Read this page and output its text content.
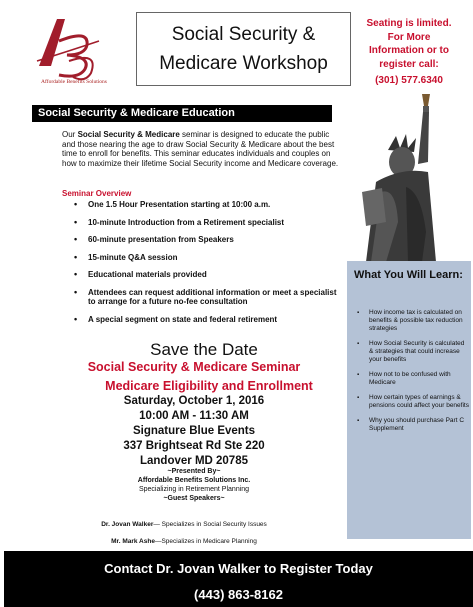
Affordable Benefits Solutions
Social Security &
Medicare Workshop
Seating is limited.
For More
Information or to
register call:
(301) 577.6340
Social Security & Medicare Education
Our Social Security & Medicare seminar is designed to educate the public and those nearing the age to draw Social Security & Medicare about the best time to enroll for benefits. This seminar educates individuals and couples on how to maximize their lifetime Social Security income and Medicare coverage.
Seminar Overview
• One 1.5 Hour Presentation starting at 10:00 a.m.
• 10-minute Introduction from a Retirement specialist
• 60-minute presentation from Speakers
• 15-minute Q&A session
• Educational materials provided
• Attendees can request additional information or meet a specialist to arrange for a future no-fee consultation
• A special segment on state and federal retirement
What You Will Learn:
▪ How income tax is calculated on benefits & possible tax reduction strategies
▪ How Social Security is calculated & strategies that could increase your benefits
▪ How not to be confused with Medicare
▪ How certain types of earnings & pensions could affect your benefits
▪ Why you should purchase Part C Supplement
Save the Date
Social Security & Medicare Seminar
Medicare Eligibility and Enrollment
Saturday, October 1, 2016
10:00 AM - 11:30 AM
Signature Blue Events
337 Brightseat Rd Ste 220
Landover MD 20785
~Presented By~
Affordable Benefits Solutions Inc.
Specializing in Retirement Planning
~Guest Speakers~
Dr. Jovan Walker— Specializes in Social Security Issues
Mr. Mark Ashe—Specializes in Medicare Planning
Contact Dr. Jovan Walker to Register Today
(443) 863-8162
